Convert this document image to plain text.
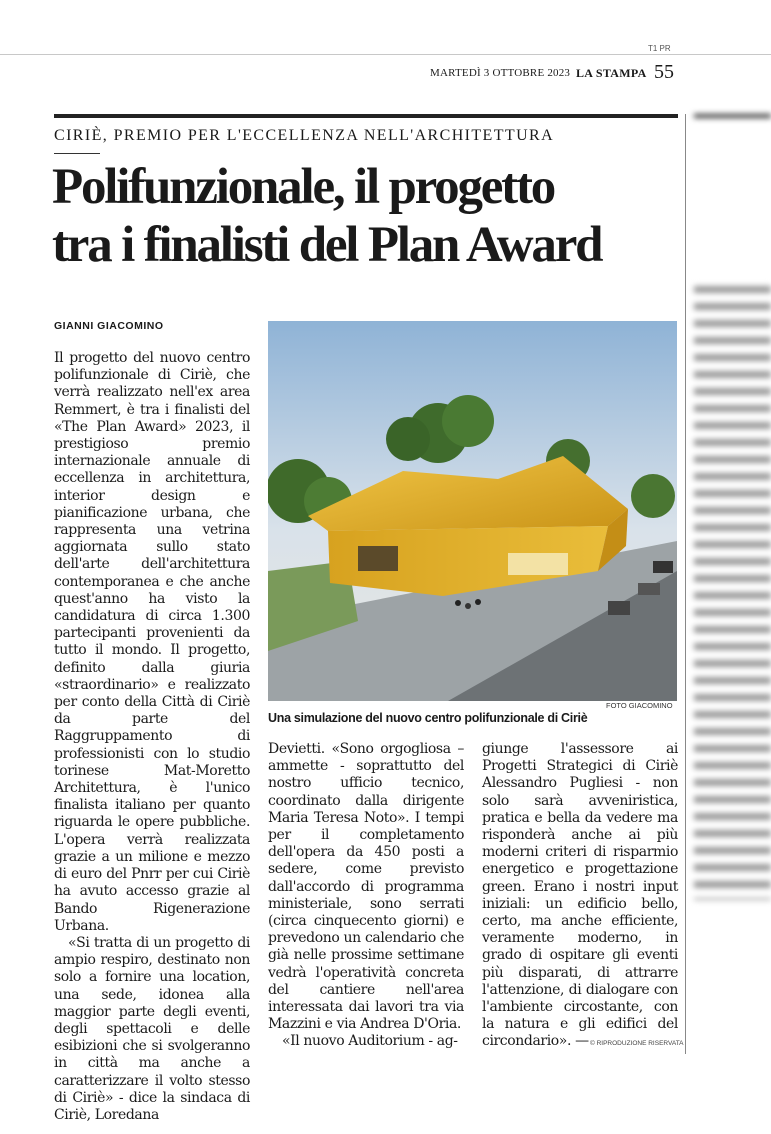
T1 PR
MARTEDÌ 3 OTTOBRE 2023 LA STAMPA 55
CIRIÈ, PREMIO PER L'ECCELLENZA NELL'ARCHITETTURA
Polifunzionale, il progetto
tra i finalisti del Plan Award
GIANNI GIACOMINO

Il progetto del nuovo centro polifunzionale di Ciriè, che verrà realizzato nell'ex area Remmert, è tra i finalisti del «The Plan Award» 2023, il prestigioso premio internazionale annuale di eccellenza in architettura, interior design e pianificazione urbana, che rappresenta una vetrina aggiornata sullo stato dell'arte dell'architettura contemporanea e che anche quest'anno ha visto la candidatura di circa 1.300 partecipanti provenienti da tutto il mondo. Il progetto, definito dalla giuria «straordinario» e realizzato per conto della Città di Ciriè da parte del Raggruppamento di professionisti con lo studio torinese Mat-Moretto Architettura, è l'unico finalista italiano per quanto riguarda le opere pubbliche. L'opera verrà realizzata grazie a un milione e mezzo di euro del Pnrr per cui Ciriè ha avuto accesso grazie al Bando Rigenerazione Urbana.

«Si tratta di un progetto di ampio respiro, destinato non solo a fornire una location, una sede, idonea alla maggior parte degli eventi, degli spettacoli e delle esibizioni che si svolgeranno in città ma anche a caratterizzare il volto stesso di Ciriè» - dice la sindaca di Ciriè, Loredana

FOTO GIACOMINO
Una simulazione del nuovo centro polifunzionale di Ciriè

Devietti. «Sono orgogliosa – ammette - soprattutto del nostro ufficio tecnico, coordinato dalla dirigente Maria Teresa Noto». I tempi per il completamento dell'opera da 450 posti a sedere, come previsto dall'accordo di programma ministeriale, sono serrati (circa cinquecento giorni) e prevedono un calendario che già nelle prossime settimane vedrà l'operatività concreta del cantiere nell'area interessata dai lavori tra via Mazzini e via Andrea D'Oria.

«Il nuovo Auditorium - ag-

giunge l'assessore ai Progetti Strategici di Ciriè Alessandro Pugliesi - non solo sarà avveniristica, pratica e bella da vedere ma risponderà anche ai più moderni criteri di risparmio energetico e progettazione green. Erano i nostri input iniziali: un edificio bello, certo, ma anche efficiente, veramente moderno, in grado di ospitare gli eventi più disparati, di attrarre l'attenzione, di dialogare con l'ambiente circostante, con la natura e gli edifici del circondario». — © RIPRODUZIONE RISERVATA
